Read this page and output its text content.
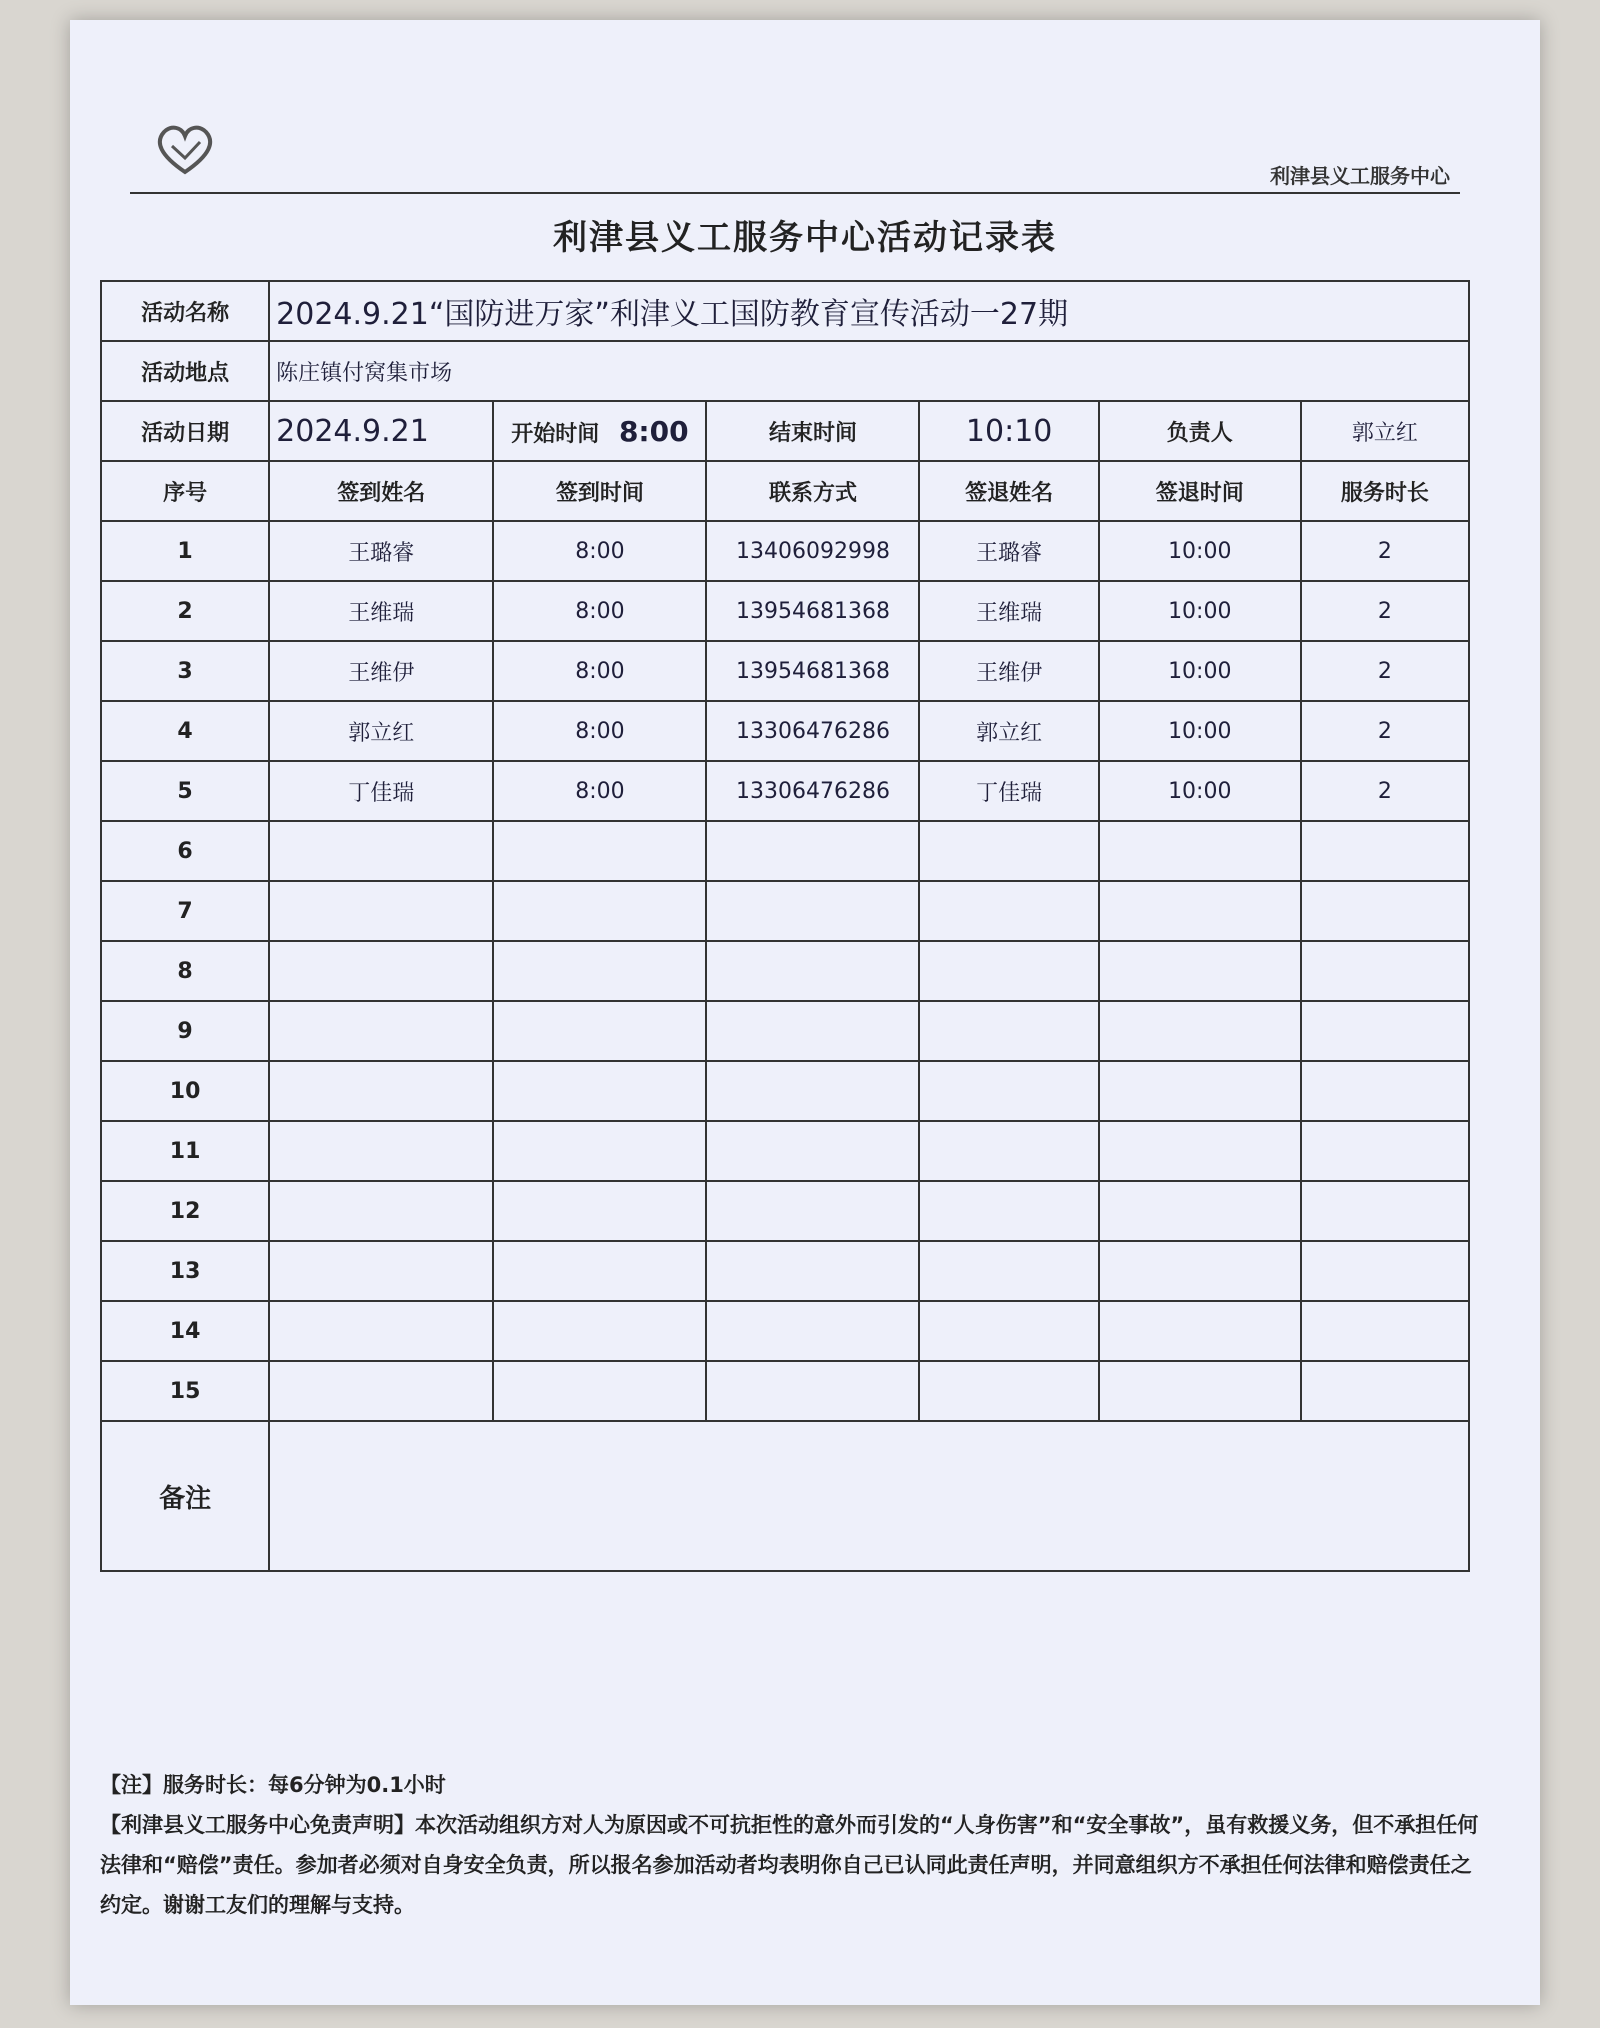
利津县义工服务中心
利津县义工服务中心活动记录表
活动名称	2024.9.21“国防进万家”利津义工国防教育宣传活动一27期					
活动地点	陈庄镇付窝集市场					
活动日期	2024.9.21	开始时间 8:00	结束时间	10:10	负责人	郭立红
序号	签到姓名	签到时间	联系方式	签退姓名	签退时间	服务时长
1	王璐睿	8:00	13406092998	王璐睿	10:00	2
2	王维瑞	8:00	13954681368	王维瑞	10:00	2
3	王维伊	8:00	13954681368	王维伊	10:00	2
4	郭立红	8:00	13306476286	郭立红	10:00	2
5	丁佳瑞	8:00	13306476286	丁佳瑞	10:00	2
6						
7						
8						
9						
10						
11						
12						
13						
14						
15						
备注						

【注】服务时长：每6分钟为0.1小时

【利津县义工服务中心免责声明】本次活动组织方对人为原因或不可抗拒性的意外而引发的“人身伤害”和“安全事故”，虽有救援义务，但不承担任何法律和“赔偿”责任。参加者必须对自身安全负责，所以报名参加活动者均表明你自己已认同此责任声明，并同意组织方不承担任何法律和赔偿责任之约定。谢谢工友们的理解与支持。
